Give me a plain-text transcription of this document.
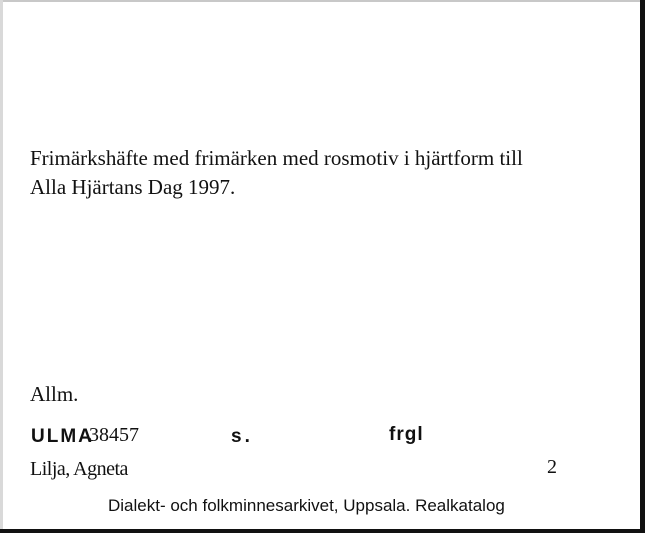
Frimärkshäfte med frimärken med rosmotiv i hjärtform till
Alla Hjärtans Dag 1997.
Allm.
ULMA
38457	s.	frgl
Lilja, Agneta	2
Dialekt- och folkminnesarkivet, Uppsala. Realkatalog
